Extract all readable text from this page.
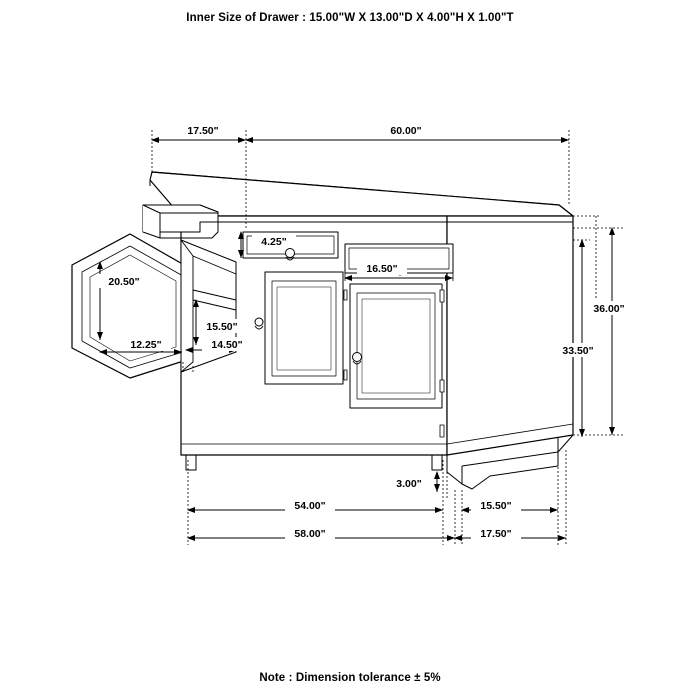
Inner Size of Drawer : 15.00"W X 13.00"D X 4.00"H X 1.00"T
17.50"	60.00"
4.25"
20.50"
16.50"
15.50"
12.25"	14.50"
36.00"
33.50"
3.00"
54.00"	15.50"
58.00"	17.50"
Note : Dimension tolerance ± 5%
